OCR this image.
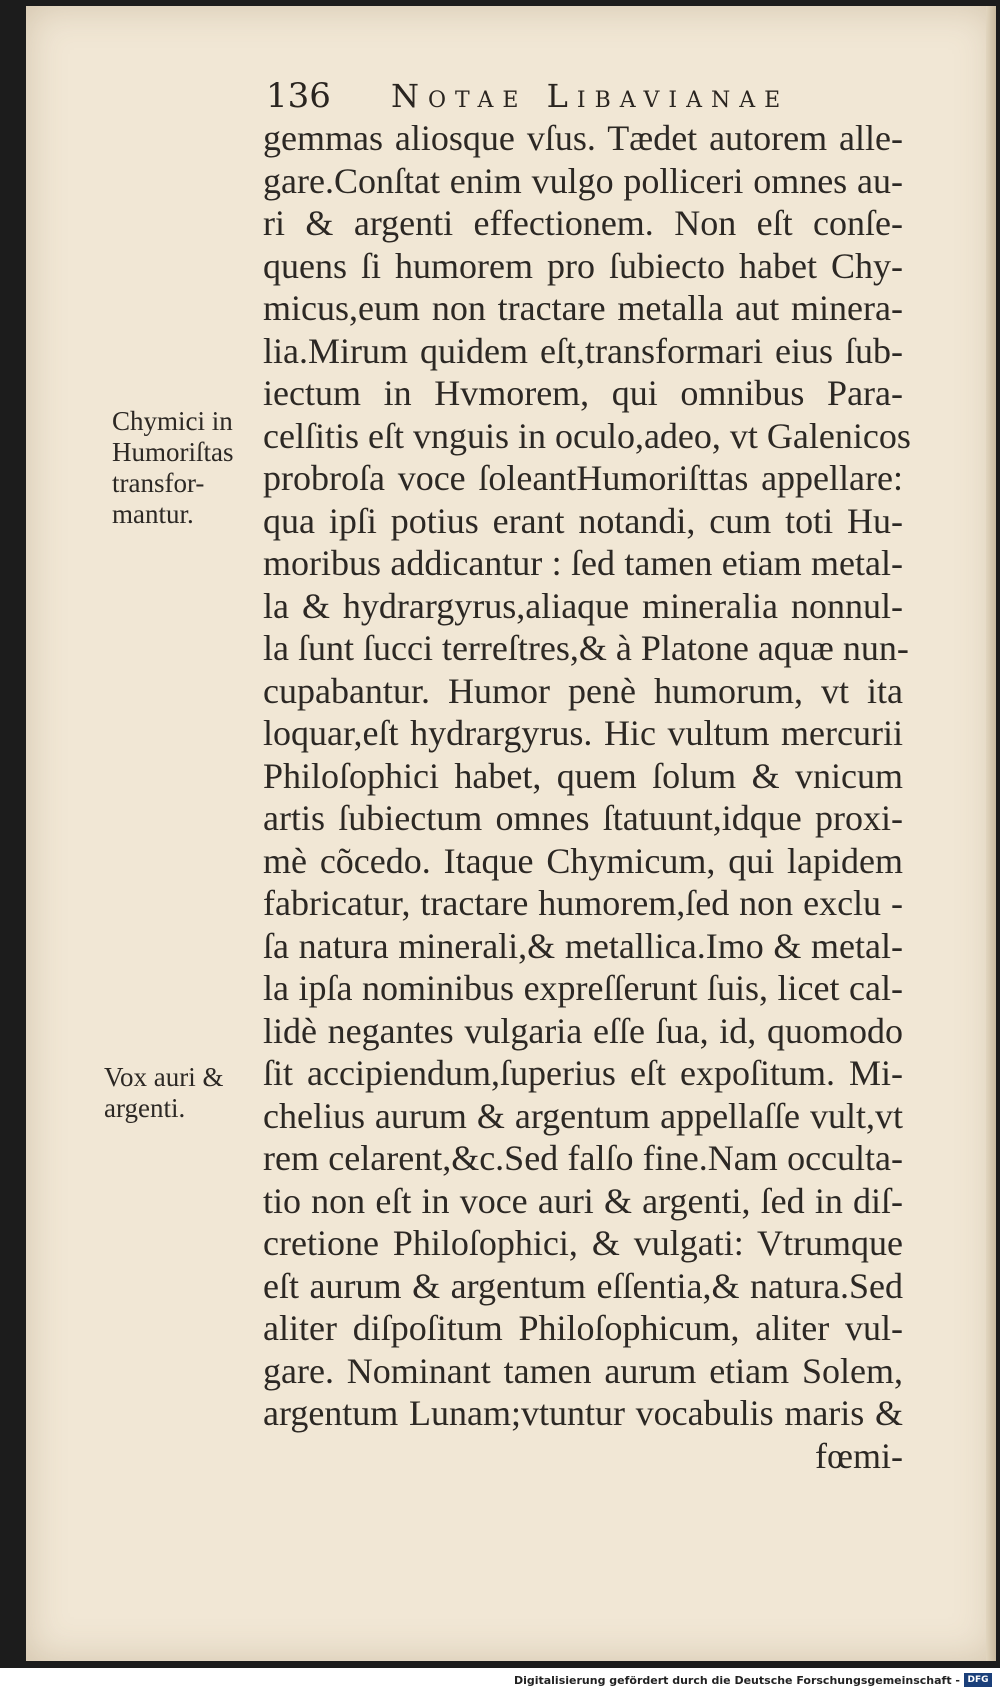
136 Notae Libavianae
gemmas aliosque vſus. Tædet autorem alle-
gare.Conſtat enim vulgo polliceri omnes au-
ri & argenti effectionem. Non eſt conſe-
quens ſi humorem pro ſubiecto habet Chy-
micus,eum non tractare metalla aut minera-
lia.Mirum quidem eſt,transformari eius ſub-
iectum in Hvmorem, qui omnibus Para-
celſitis eſt vnguis in oculo,adeo, vt Galenicos
probroſa voce ſoleantHumoriſttas appellare:
qua ipſi potius erant notandi, cum toti Hu-
moribus addicantur : ſed tamen etiam metal-
la & hydrargyrus,aliaque mineralia nonnul-
la ſunt ſucci terreſtres,& à Platone aquæ nun-
cupabantur. Humor penè humorum, vt ita
loquar,eſt hydrargyrus. Hic vultum mercurii
Philoſophici habet, quem ſolum & vnicum
artis ſubiectum omnes ſtatuunt,idque proxi-
mè cõcedo. Itaque Chymicum, qui lapidem
fabricatur, tractare humorem,ſed non exclu -
ſa natura minerali,& metallica.Imo & metal-
la ipſa nominibus expreſſerunt ſuis, licet cal-
lidè negantes vulgaria eſſe ſua, id, quomodo
ſit accipiendum,ſuperius eſt expoſitum. Mi-
chelius aurum & argentum appellaſſe vult,vt
rem celarent,&c.Sed falſo fine.Nam occulta-
tio non eſt in voce auri & argenti, ſed in diſ-
cretione Philoſophici, & vulgati: Vtrumque
eſt aurum & argentum eſſentia,& natura.Sed
aliter diſpoſitum Philoſophicum, aliter vul-
gare. Nominant tamen aurum etiam Solem,
argentum Lunam;vtuntur vocabulis maris &
fœmi-
Chymici in
Humoriſtas
transfor-
mantur.
Vox auri &
argenti.
Digitalisierung gefördert durch die Deutsche Forschungsgemeinschaft - DFG
